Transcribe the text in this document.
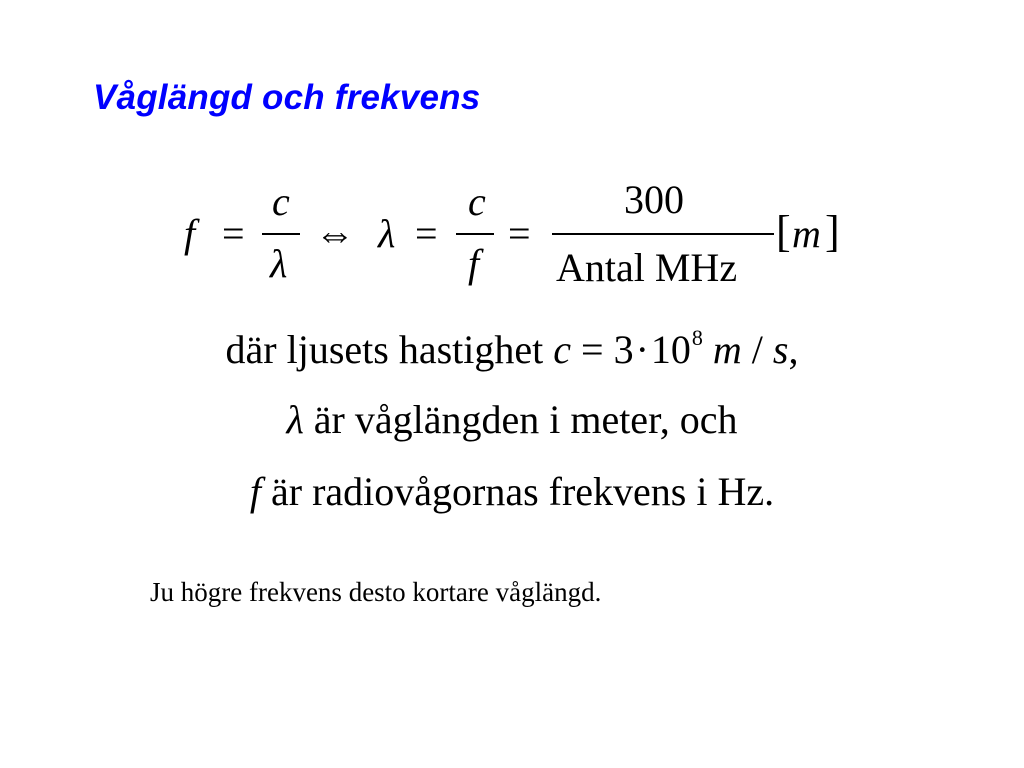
Våglängd och frekvens
f =
c
λ
⇔ λ =
c
f
=
300
Antal MHz
[ m ]
där ljusets hastighet $c = 3\cdot 10^8$ m / s,
λ är våglängden i meter, och
f är radiovågornas frekvens i Hz.
Ju högre frekvens desto kortare våglängd.
